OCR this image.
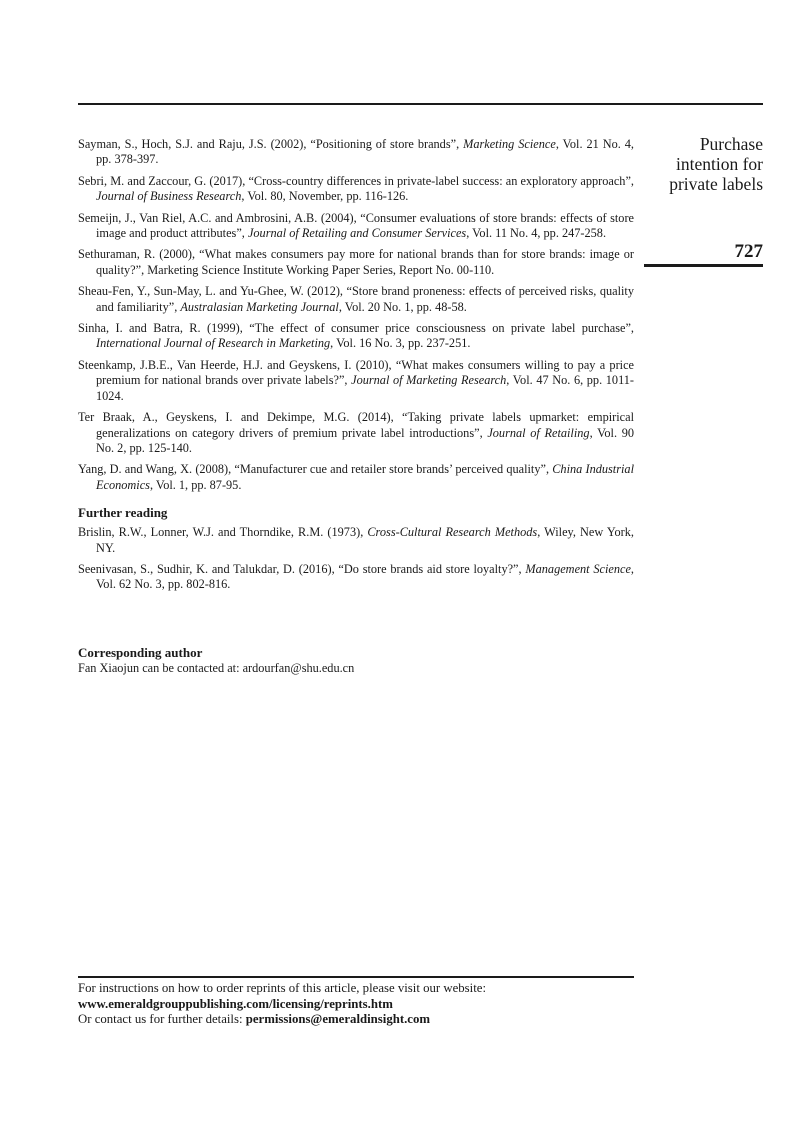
Purchase
intention for
private labels
727

Sayman, S., Hoch, S.J. and Raju, J.S. (2002), “Positioning of store brands”, Marketing Science, Vol. 21 No. 4, pp. 378-397.

Sebri, M. and Zaccour, G. (2017), “Cross-country differences in private-label success: an exploratory approach”, Journal of Business Research, Vol. 80, November, pp. 116-126.

Semeijn, J., Van Riel, A.C. and Ambrosini, A.B. (2004), “Consumer evaluations of store brands: effects of store image and product attributes”, Journal of Retailing and Consumer Services, Vol. 11 No. 4, pp. 247-258.

Sethuraman, R. (2000), “What makes consumers pay more for national brands than for store brands: image or quality?”, Marketing Science Institute Working Paper Series, Report No. 00-110.

Sheau-Fen, Y., Sun-May, L. and Yu-Ghee, W. (2012), “Store brand proneness: effects of perceived risks, quality and familiarity”, Australasian Marketing Journal, Vol. 20 No. 1, pp. 48-58.

Sinha, I. and Batra, R. (1999), “The effect of consumer price consciousness on private label purchase”, International Journal of Research in Marketing, Vol. 16 No. 3, pp. 237-251.

Steenkamp, J.B.E., Van Heerde, H.J. and Geyskens, I. (2010), “What makes consumers willing to pay a price premium for national brands over private labels?”, Journal of Marketing Research, Vol. 47 No. 6, pp. 1011-1024.

Ter Braak, A., Geyskens, I. and Dekimpe, M.G. (2014), “Taking private labels upmarket: empirical generalizations on category drivers of premium private label introductions”, Journal of Retailing, Vol. 90 No. 2, pp. 125-140.

Yang, D. and Wang, X. (2008), “Manufacturer cue and retailer store brands’ perceived quality”, China Industrial Economics, Vol. 1, pp. 87-95.

Further reading

Brislin, R.W., Lonner, W.J. and Thorndike, R.M. (1973), Cross-Cultural Research Methods, Wiley, New York, NY.

Seenivasan, S., Sudhir, K. and Talukdar, D. (2016), “Do store brands aid store loyalty?”, Management Science, Vol. 62 No. 3, pp. 802-816.

Corresponding author
Fan Xiaojun can be contacted at: ardourfan@shu.edu.cn
For instructions on how to order reprints of this article, please visit our website:
www.emeraldgrouppublishing.com/licensing/reprints.htm
Or contact us for further details: permissions@emeraldinsight.com
